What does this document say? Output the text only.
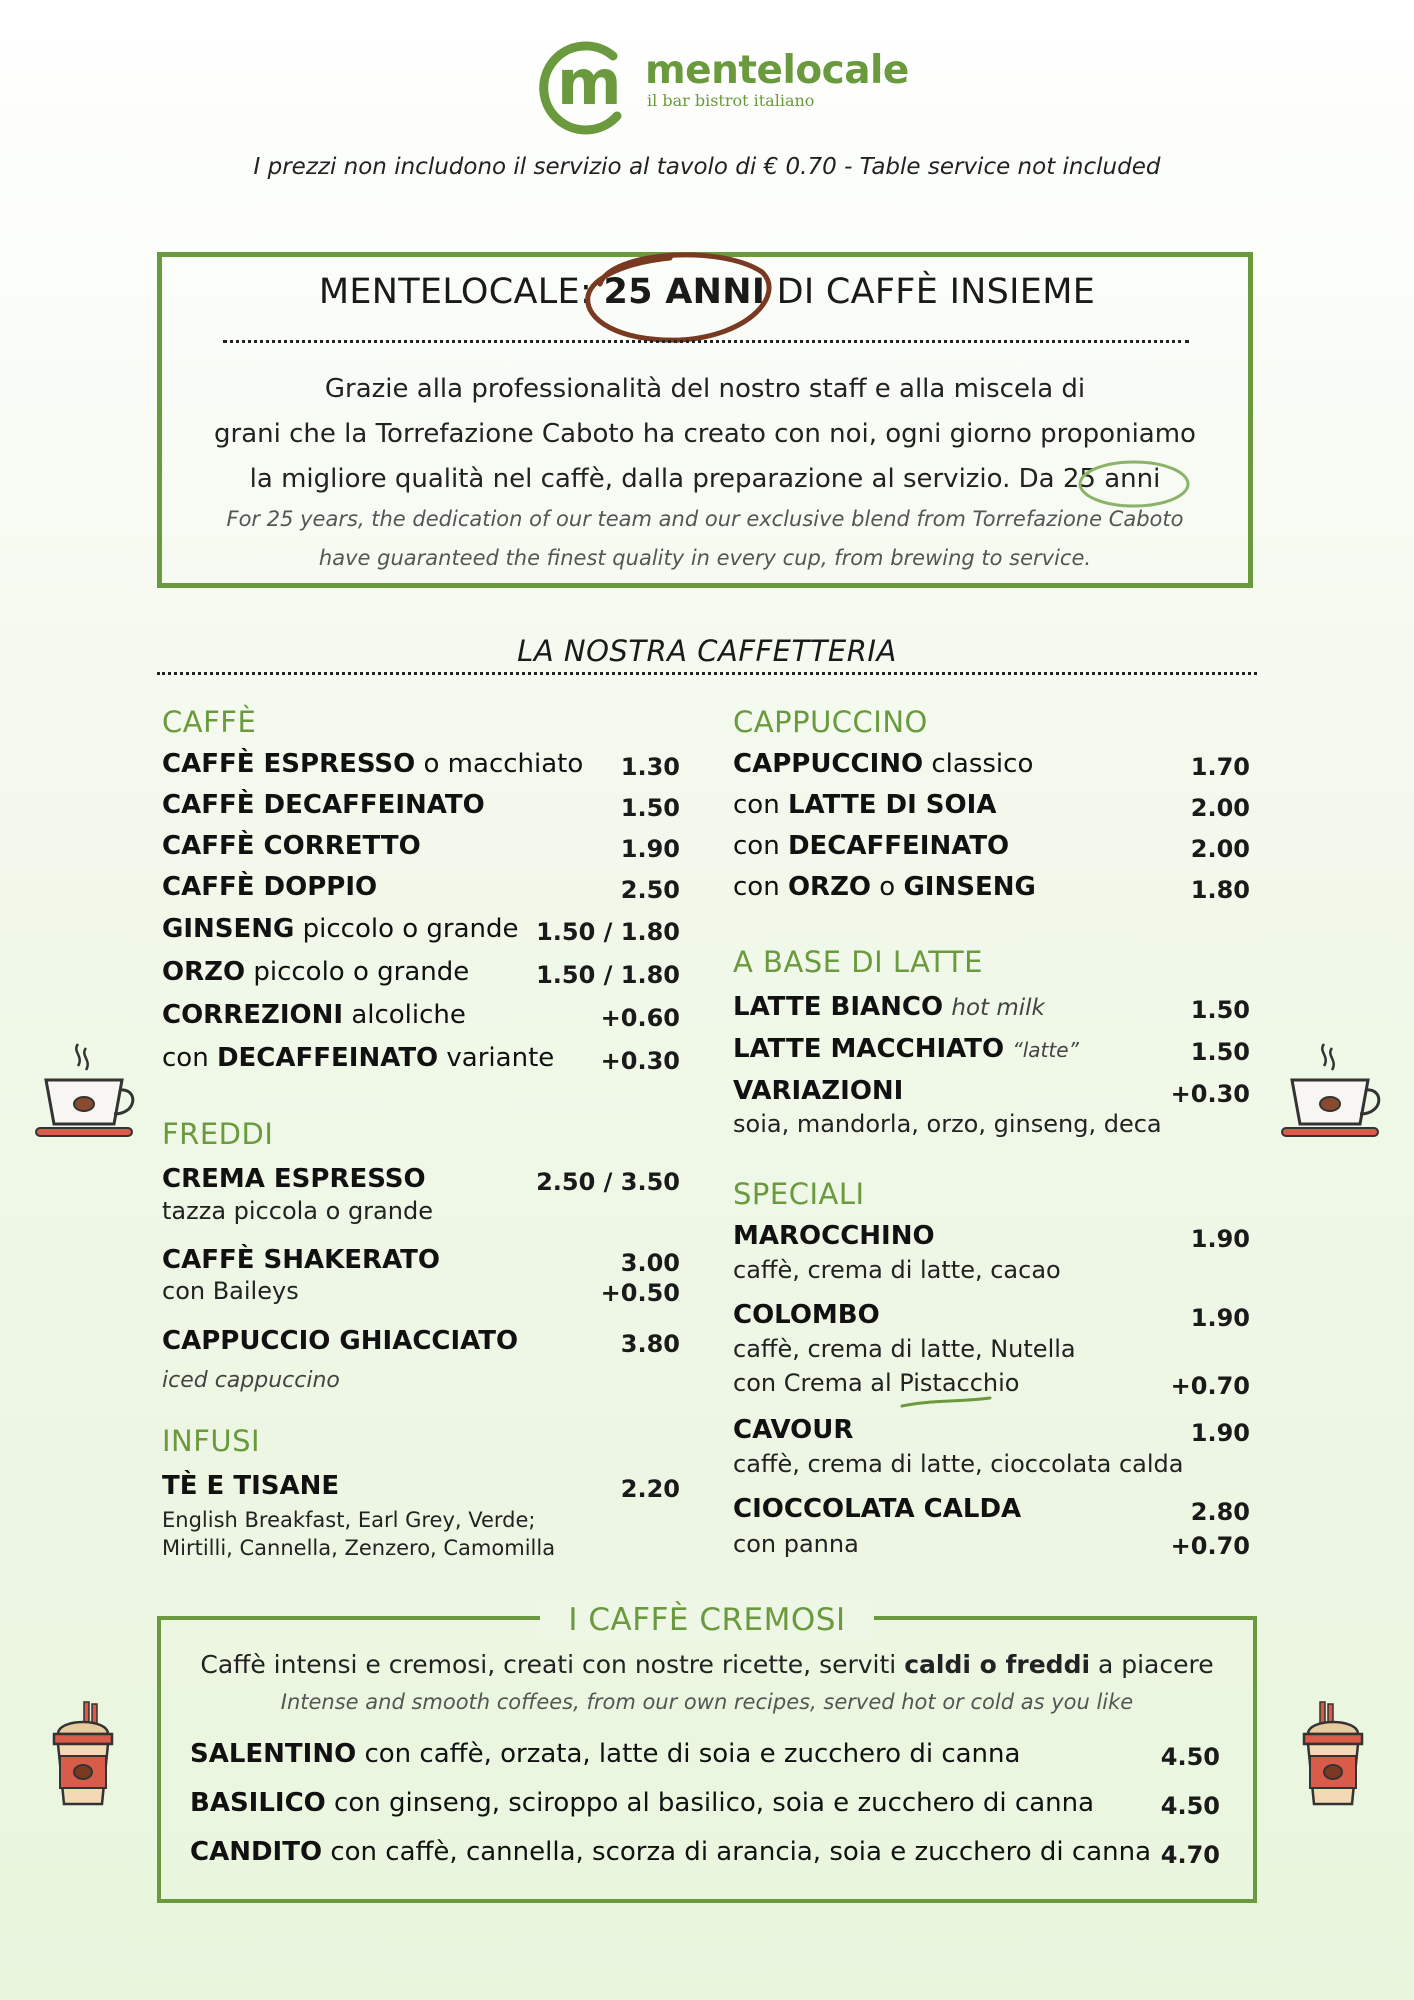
m mentelocale
il bar bistrot italiano
I prezzi non includono il servizio al tavolo di € 0.70 - Table service not included
MENTELOCALE: 25 ANNI DI CAFFÈ INSIEME
Grazie alla professionalità del nostro staff e alla miscela di
grani che la Torrefazione Caboto ha creato con noi, ogni giorno proponiamo
la migliore qualità nel caffè, dalla preparazione al servizio. Da 25 anni
For 25 years, the dedication of our team and our exclusive blend from Torrefazione Caboto
have guaranteed the finest quality in every cup, from brewing to service.
LA NOSTRA CAFFETTERIA
CAFFÈ
CAFFÈ ESPRESSO o macchiato	1.30
CAFFÈ DECAFFEINATO	1.50
CAFFÈ CORRETTO	1.90
CAFFÈ DOPPIO	2.50
GINSENG piccolo o grande 1.50 / 1.80
ORZO piccolo o grande	1.50 / 1.80
CORREZIONI alcoliche	+0.60
con DECAFFEINATO variante	+0.30
FREDDI
CREMA ESPRESSO	2.50 / 3.50
tazza piccola o grande
CAFFÈ SHAKERATO	3.00
con Baileys	+0.50
CAPPUCCIO GHIACCIATO	3.80
iced cappuccino
INFUSI
TÈ E TISANE	2.20
English Breakfast, Earl Grey, Verde;
Mirtilli, Cannella, Zenzero, Camomilla
CAPPUCCINO
CAPPUCCINO classico	1.70
con LATTE DI SOIA	2.00
con DECAFFEINATO	2.00
con ORZO o GINSENG	1.80
A BASE DI LATTE
LATTE BIANCO hot milk	1.50
LATTE MACCHIATO “latte”	1.50
VARIAZIONI	+0.30
soia, mandorla, orzo, ginseng, deca
SPECIALI
MAROCCHINO	1.90
caffè, crema di latte, cacao
COLOMBO	1.90
caffè, crema di latte, Nutella
con Crema al Pistacchio	+0.70
CAVOUR	1.90
caffè, crema di latte, cioccolata calda
CIOCCOLATA CALDA	2.80
con panna	+0.70
I CAFFÈ CREMOSI
Caffè intensi e cremosi, creati con nostre ricette, serviti caldi o freddi a piacere
Intense and smooth coffees, from our own recipes, served hot or cold as you like
SALENTINO con caffè, orzata, latte di soia e zucchero di canna	4.50
BASILICO con ginseng, sciroppo al basilico, soia e zucchero di canna	4.50
CANDITO con caffè, cannella, scorza di arancia, soia e zucchero di canna 4.70
